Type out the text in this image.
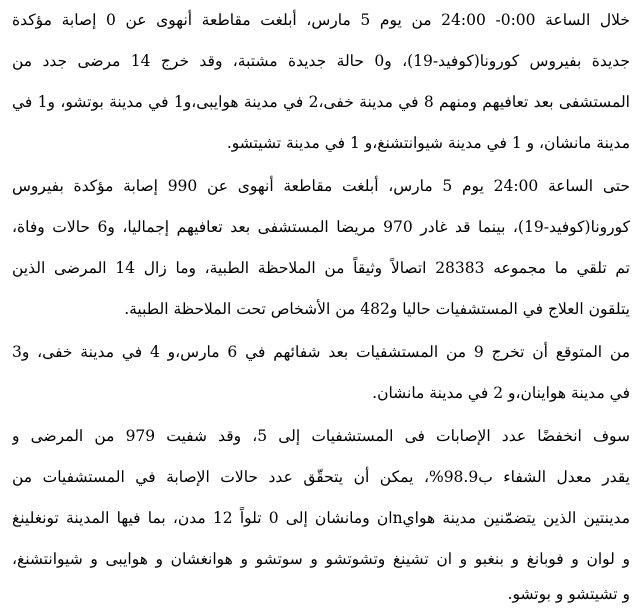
خلال الساعة 0:00- 24:00 من يوم 5 مارس، أبلغت مقاطعة أنهوى عن 0 إصابة مؤكدة
جديدة بفيروس كورونا(كوفيد-19)، و0 حالة جديدة مشتبة، وقد خرج 14 مرضى جدد من
المستشفى بعد تعافيهم ومنهم 8 في مدينة خفى،2 في مدينة هوايبى،و1 في مدينة بوتشو، و1 في
مدينة مانشان، و 1 في مدينة شيوانتشنغ،و 1 في مدينة تشيتشو.
حتى الساعة 24:00 يوم 5 مارس، أبلغت مقاطعة أنهوى عن 990 إصابة مؤكدة بفيروس
كورونا(كوفيد-19)، بينما قد غادر 970 مريضا المستشفى بعد تعافيهم إجماليا، و6 حالات وفاة،
تم تلقي ما مجموعه 28383 اتصالاً وثيقاً من الملاحظة الطبية، وما زال 14 المرضى الذين
يتلقون العلاج في المستشفيات حاليا و482 من الأشخاص تحت الملاحظة الطبية.
من المتوقع أن تخرج 9 من المستشفيات بعد شفائهم في 6 مارس،و 4 في مدينة خفى، و3
في مدينة هواينان،و 2 في مدينة مانشان.
سوف انخفضًا عدد الإصابات فى المستشفيات إلى 5، وقد شفيت 979 من المرضى و
يقدر معدل الشفاء ب98.9%، يمكن أن يتحقّق عدد حالات الإصابة في المستشفيات من
مدينتين الذين يتضمّنين مدينة هوايnان ومانشان إلى 0 تلواً 12 مدن، بما فيها المدينة تونغلينغ
و لوان و فوبانغ و بنغبو و ان تشينغ وتشوتشو و سوتشو و هوانغشان و هوايبى و شيوانتشنغ،
و تشيتشو و بوتشو.
